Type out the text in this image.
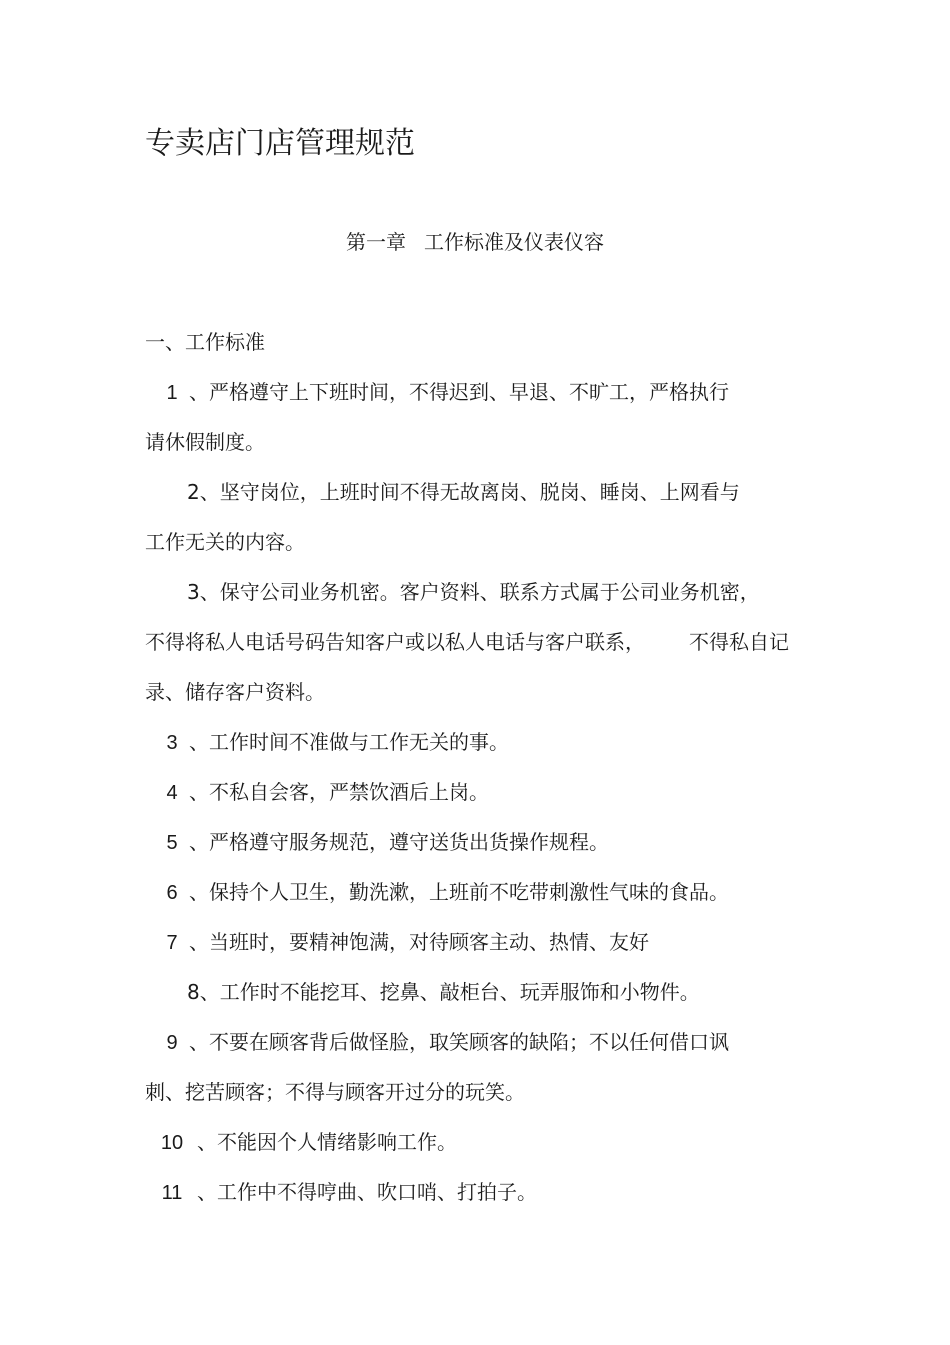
专卖店门店管理规范
第一章 工作标准及仪表仪容
一、工作标准
1 、严格遵守上下班时间，不得迟到、早退、不旷工，严格执行
请休假制度。
2、坚守岗位，上班时间不得无故离岗、脱岗、睡岗、上网看与
工作无关的内容。
3、保守公司业务机密。客户资料、联系方式属于公司业务机密，
不得将私人电话号码告知客户或以私人电话与客户联系， 不得私自记
录、储存客户资料。
3 、工作时间不准做与工作无关的事。
4 、不私自会客，严禁饮酒后上岗。
5 、严格遵守服务规范，遵守送货出货操作规程。
6 、保持个人卫生，勤洗漱，上班前不吃带刺激性气味的食品。
7 、当班时，要精神饱满，对待顾客主动、热情、友好
8、工作时不能挖耳、挖鼻、敲柜台、玩弄服饰和小物件。
9 、不要在顾客背后做怪脸，取笑顾客的缺陷；不以任何借口讽
刺、挖苦顾客；不得与顾客开过分的玩笑。
10 、不能因个人情绪影响工作。
11 、工作中不得哼曲、吹口哨、打拍子。
